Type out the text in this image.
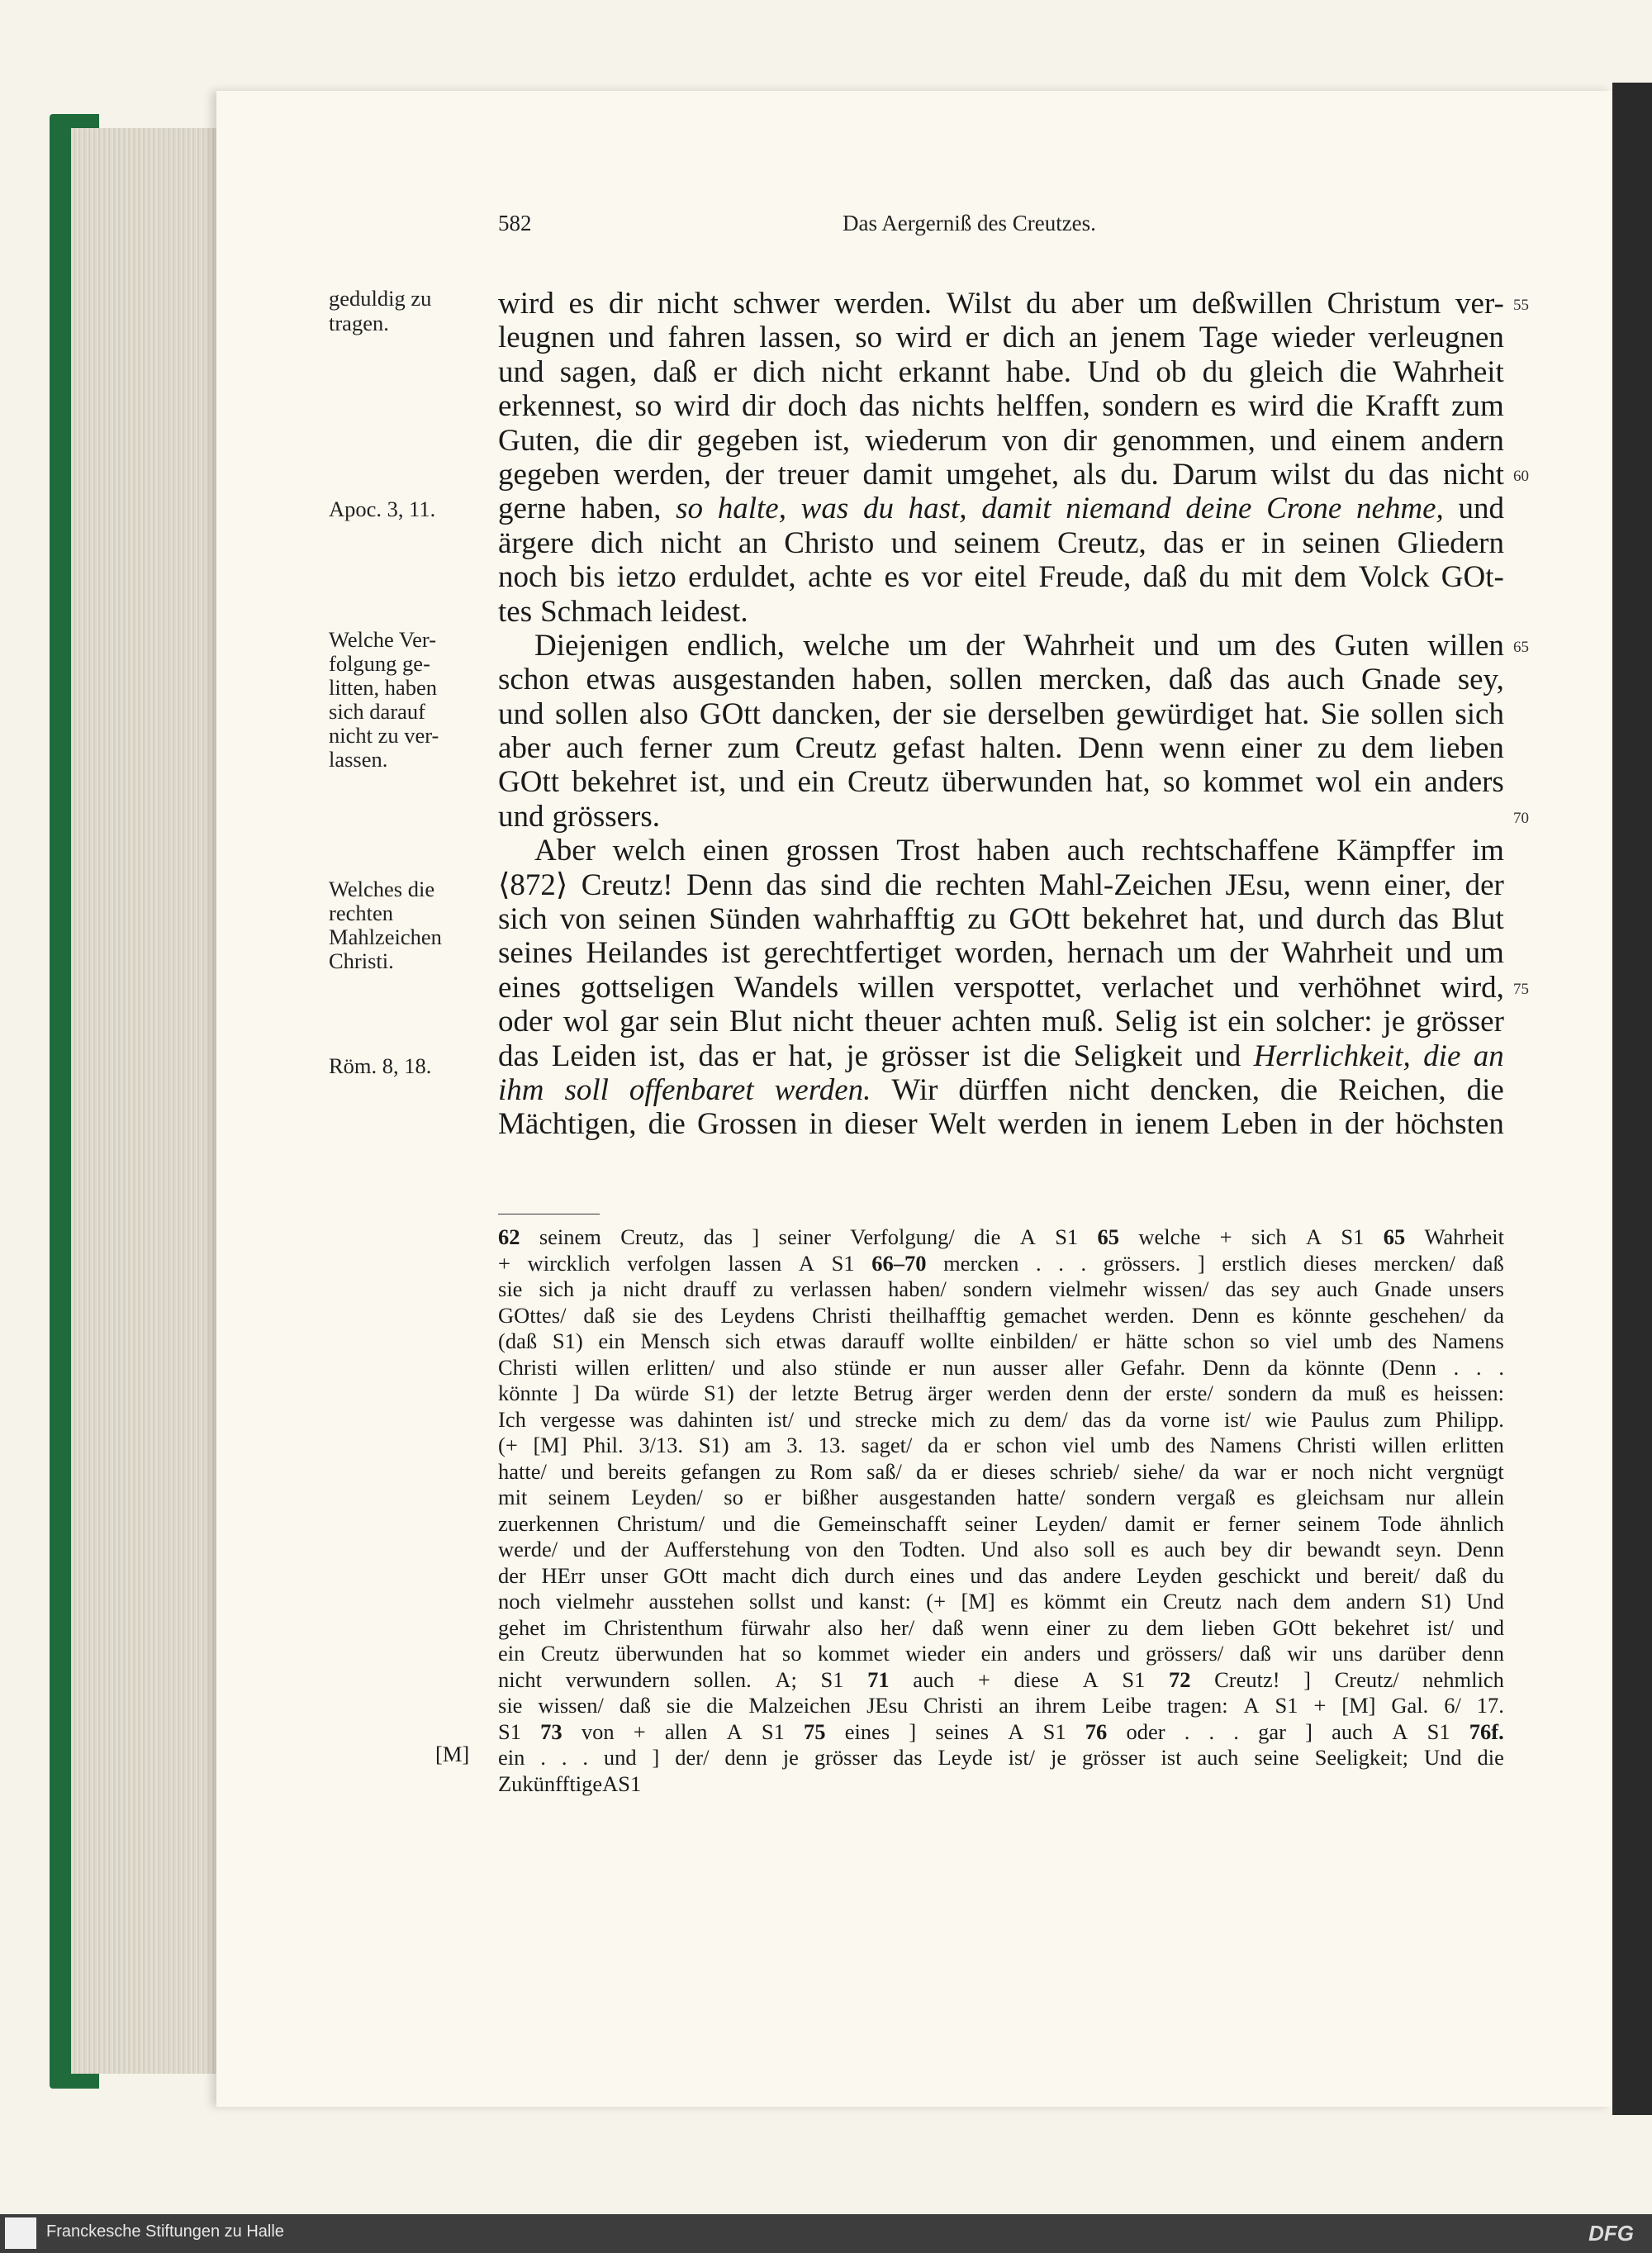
582	Das Aergerniß des Creutzes.
wird es dir nicht schwer werden. Wilst du aber um deßwillen Christum ver-
leugnen und fahren lassen, so wird er dich an jenem Tage wieder verleugnen
und sagen, daß er dich nicht erkannt habe. Und ob du gleich die Wahrheit
erkennest, so wird dir doch das nichts helffen, sondern es wird die Krafft zum
Guten, die dir gegeben ist, wiederum von dir genommen, und einem andern
gegeben werden, der treuer damit umgehet, als du. Darum wilst du das nicht
gerne haben, so halte, was du hast, damit niemand deine Crone nehme, und
ärgere dich nicht an Christo und seinem Creutz, das er in seinen Gliedern
noch bis ietzo erduldet, achte es vor eitel Freude, daß du mit dem Volck GOt-
tes Schmach leidest.
Diejenigen endlich, welche um der Wahrheit und um des Guten willen
schon etwas ausgestanden haben, sollen mercken, daß das auch Gnade sey,
und sollen also GOtt dancken, der sie derselben gewürdiget hat. Sie sollen sich
aber auch ferner zum Creutz gefast halten. Denn wenn einer zu dem lieben
GOtt bekehret ist, und ein Creutz überwunden hat, so kommet wol ein anders
und grössers.
Aber welch einen grossen Trost haben auch rechtschaffene Kämpffer im
⟨872⟩ Creutz! Denn das sind die rechten Mahl-Zeichen JEsu, wenn einer, der
sich von seinen Sünden wahrhafftig zu GOtt bekehret hat, und durch das Blut
seines Heilandes ist gerechtfertiget worden, hernach um der Wahrheit und um
eines gottseligen Wandels willen verspottet, verlachet und verhöhnet wird,
oder wol gar sein Blut nicht theuer achten muß. Selig ist ein solcher: je grösser
das Leiden ist, das er hat, je grösser ist die Seligkeit und Herrlichkeit, die an
ihm soll offenbaret werden. Wir dürffen nicht dencken, die Reichen, die
Mächtigen, die Grossen in dieser Welt werden in ienem Leben in der höchsten
geduldig zu
tragen.
Apoc. 3, 11.
Welche Ver-
folgung ge-
litten, haben
sich darauf
nicht zu ver-
lassen.
Welches die
rechten
Mahlzeichen
Christi.
Röm. 8, 18.
55
60
65
70
75
62 seinem Creutz, das ] seiner Verfolgung/ die A S1 65 welche + sich A S1 65 Wahrheit
+ wircklich verfolgen lassen A S1 66–70 mercken . . . grössers. ] erstlich dieses mercken/ daß
sie sich ja nicht drauff zu verlassen haben/ sondern vielmehr wissen/ das sey auch Gnade unsers
GOttes/ daß sie des Leydens Christi theilhafftig gemachet werden. Denn es könnte geschehen/ da
(daß S1) ein Mensch sich etwas darauff wollte einbilden/ er hätte schon so viel umb des Namens
Christi willen erlitten/ und also stünde er nun ausser aller Gefahr. Denn da könnte (Denn . . .
könnte ] Da würde S1) der letzte Betrug ärger werden denn der erste/ sondern da muß es heissen:
Ich vergesse was dahinten ist/ und strecke mich zu dem/ das da vorne ist/ wie Paulus zum Philipp.
(+ [M] Phil. 3/13. S1) am 3. 13. saget/ da er schon viel umb des Namens Christi willen erlitten
hatte/ und bereits gefangen zu Rom saß/ da er dieses schrieb/ siehe/ da war er noch nicht vergnügt
mit seinem Leyden/ so er bißher ausgestanden hatte/ sondern vergaß es gleichsam nur allein
zuerkennen Christum/ und die Gemeinschafft seiner Leyden/ damit er ferner seinem Tode ähnlich
werde/ und der Aufferstehung von den Todten. Und also soll es auch bey dir bewandt seyn. Denn
der HErr unser GOtt macht dich durch eines und das andere Leyden geschickt und bereit/ daß du
noch vielmehr ausstehen sollst und kanst: (+ [M] es kömmt ein Creutz nach dem andern S1) Und
gehet im Christenthum fürwahr also her/ daß wenn einer zu dem lieben GOtt bekehret ist/ und
ein Creutz überwunden hat so kommet wieder ein anders und grössers/ daß wir uns darüber denn
nicht verwundern sollen. A; S1 71 auch + diese A S1 72 Creutz! ] Creutz/ nehmlich
sie wissen/ daß sie die Malzeichen JEsu Christi an ihrem Leibe tragen: A S1 + [M] Gal. 6/ 17.
S1 73 von + allen A S1 75 eines ] seines A S1 76 oder . . . gar ] auch A S1 76f.
ein . . . und ] der/ denn je grösser das Leyde ist/ je grösser ist auch seine Seeligkeit; Und die
Zukünfftige A S1
[M]
Franckesche Stiftungen zu Halle	DFG
